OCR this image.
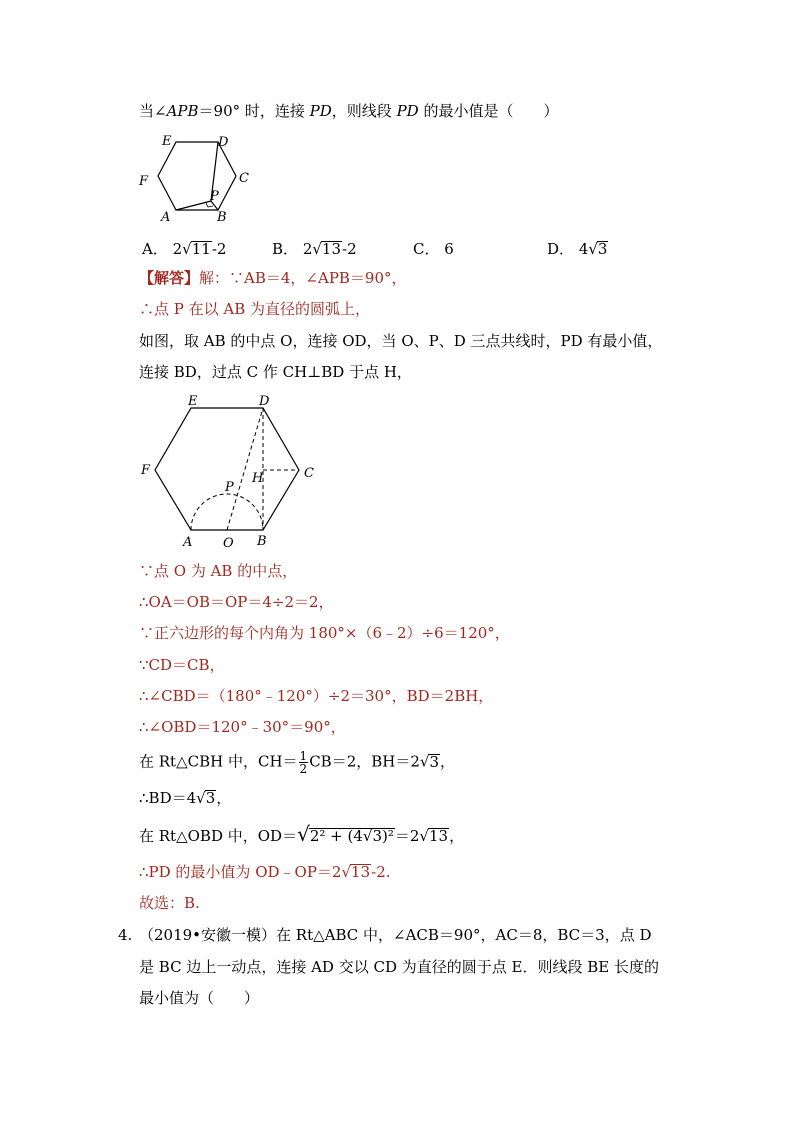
当∠APB＝90° 时，连接 PD，则线段 PD 的最小值是（　　）
E	D
F	C
P
A	B
A． 2√11-2	B． 2√13-2	C． 6	D． 4√3
【解答】解：∵AB＝4，∠APB＝90°，
∴点 P 在以 AB 为直径的圆弧上，
如图，取 AB 的中点 O，连接 OD，当 O、P、D 三点共线时，PD 有最小值，
连接 BD，过点 C 作 CH⊥BD 于点 H，
E	D
F	C
H
P
A O B
∵点 O 为 AB 的中点，
∴OA＝OB＝OP＝4÷2＝2，
∵正六边形的每个内角为 180°×（6﹣2）÷6＝120°，
∵CD＝CB，
∴∠CBD＝（180°﹣120°）÷2＝30°，BD＝2BH，
∴∠OBD＝120°﹣30°＝90°，
在 Rt△CBH 中，$CH= \frac{1}{2} CB=2$，BH＝2√3，
∴BD＝4√3，
在 Rt△OBD 中，OD＝√2² + (4√3)²＝2√13，
∴PD 的最小值为 OD﹣OP＝2√13-2.
故选：B.
4. （2019•安徽一模）在 Rt△ABC 中，∠ACB＝90°，AC＝8，BC＝3，点 D
是 BC 边上一动点，连接 AD 交以 CD 为直径的圆于点 E．则线段 BE 长度的
最小值为（　　）
